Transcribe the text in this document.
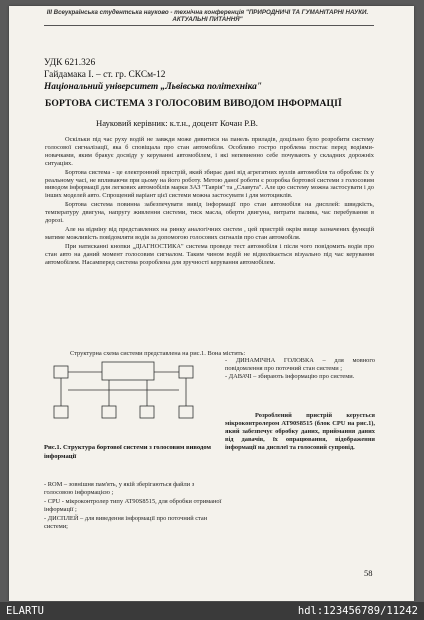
ІІІ Всеукраїнська студентська науково - технічна конференція "ПРИРОДНИЧІ ТА ГУМАНІТАРНІ НАУКИ.
АКТУАЛЬНІ ПИТАННЯ"
УДК 621.326
Гайдамака І. – ст. гр. СКСм-12
Національний університет „Львівська політехніка"
БОРТОВА СИСТЕМА З ГОЛОСОВИМ ВИВОДОМ ІНФОРМАЦІЇ
Науковий керівник: к.т.н., доцент Кочан Р.В.

Оскільки під час руху водій не завжди може дивитися на панель приладів, доцільно було розробити систему голосової сигналізації, яка б сповіщала про стан автомобіля. Особливо гостро проблема постає перед водіями-новачками, яким бракує досвіду у керуванні автомобілем, і які непевненно себе почувають у складних дорожніх ситуаціях.

Бортова система - це електронний пристрій, який збирає дані від агрегатних вузлів автомобіля та обробляє їх у реальному часі, не впливаючи при цьому на його роботу. Метою даної роботи є розробка бортової системи з голосовим виводом інформації для легкових автомобілів марки ЗАЗ "Таврія" та „Славута". Але цю систему можна застосувати і до інших моделей авто. Спрощений варіант цієї системи можна застосувати і для мотоциклів.

Бортова система повинна забезпечувати вивід інформації про стан автомобіля на дисплей: швидкість, температуру двигуна, напругу живлення системи, тиск масла, оберти двигуна, витрати палива, час перебування в дорозі.

Але на відміну від представлених на ринку аналогічних систем , цей пристрій окрім вище зазначених функцій матиме можливість повідомляти водія за допомогою голосових сигналів про стан автомобіля.

При натисканні кнопки „ДІАГНОСТИКА" система проведе тест автомобіля і після чого повідомить водія про стан авто на даний момент голосовим сигналом. Таким чином водій не відволікається візуально під час керування автомобілем. Насамперед система розроблена для зручності керування автомобілем.

Структурна схема системи представлена на рис.1. Вона містить:
- ДИНАМІЧНА ГОЛОВКА – для мовного повідомлення про поточний стан системи ;
- ДАВАЧІ – збирають інформацію про системи.
Розроблений пристрій керується мікроконтролером AT90S8515 (блок CPU на рис.1), який забезпечує обробку даних, приймання даних від давачів, їх опрацювання, відображення інформації на дисплеї та голосовий супровід.
Рис.1. Структура бортової системи з голосовим виводом інформації
- ROM – зовнішня пам'ять, у якій зберігаються файли з голосовою інформацією ;
- CPU - мікроконтролер типу AT90S8515, для обробки отриманої інформації ;
- ДИСПЛЕЙ – для виведення інформації про поточний стан системи;
58
ELARTU	hdl:123456789/11242
